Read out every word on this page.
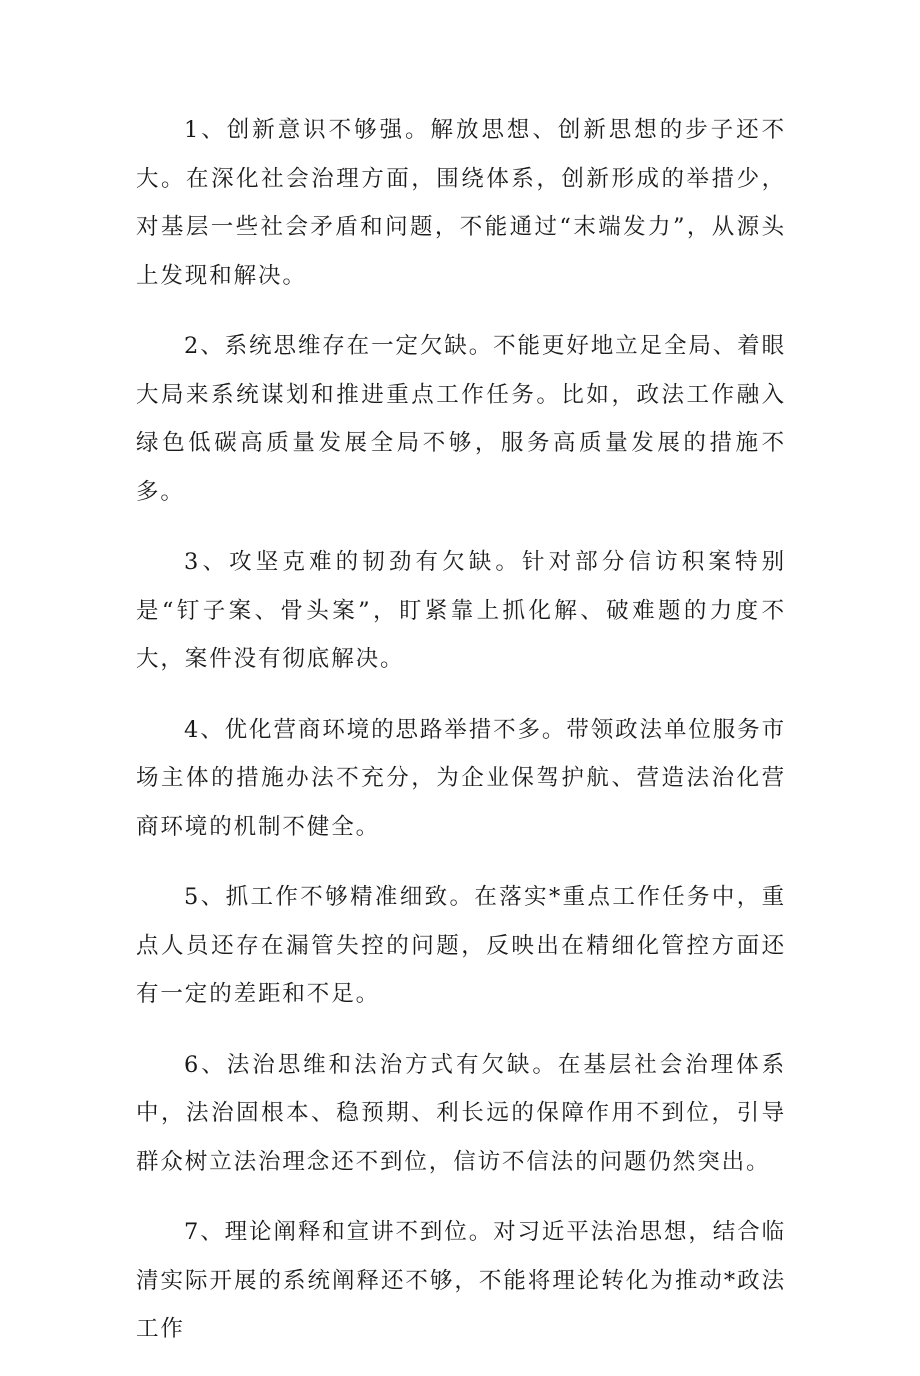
1、创新意识不够强。解放思想、创新思想的步子还不大。在深化社会治理方面，围绕体系，创新形成的举措少，对基层一些社会矛盾和问题，不能通过“末端发力”，从源头上发现和解决。

2、系统思维存在一定欠缺。不能更好地立足全局、着眼大局来系统谋划和推进重点工作任务。比如，政法工作融入绿色低碳高质量发展全局不够，服务高质量发展的措施不多。

3、攻坚克难的韧劲有欠缺。针对部分信访积案特别是“钉子案、骨头案”，盯紧靠上抓化解、破难题的力度不大，案件没有彻底解决。

4、优化营商环境的思路举措不多。带领政法单位服务市场主体的措施办法不充分，为企业保驾护航、营造法治化营商环境的机制不健全。

5、抓工作不够精准细致。在落实*重点工作任务中，重点人员还存在漏管失控的问题，反映出在精细化管控方面还有一定的差距和不足。

6、法治思维和法治方式有欠缺。在基层社会治理体系中，法治固根本、稳预期、利长远的保障作用不到位，引导群众树立法治理念还不到位，信访不信法的问题仍然突出。

7、理论阐释和宣讲不到位。对习近平法治思想，结合临清实际开展的系统阐释还不够，不能将理论转化为推动*政法工作
